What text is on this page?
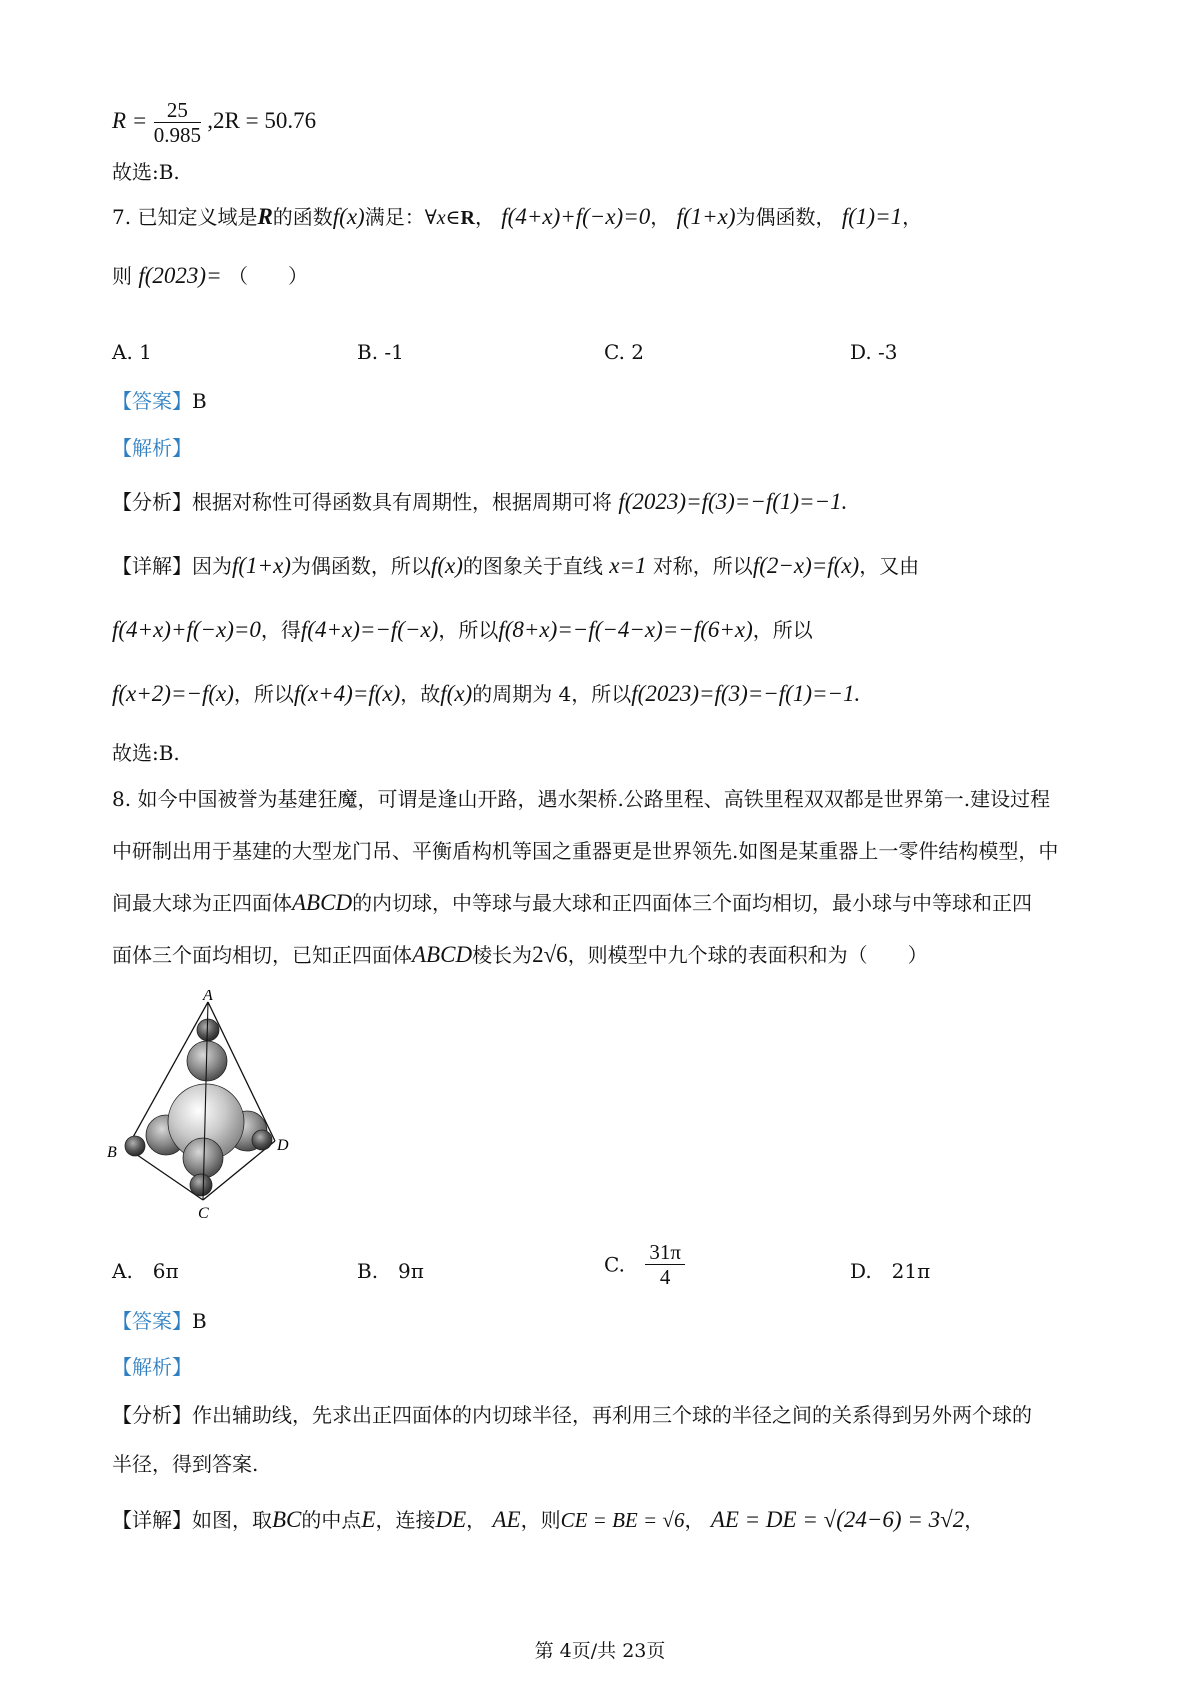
$R = \frac{25}{0.985} ,2R = 50.76$
故选:B.
7. 已知定义域是R的函数f(x)满足：∀x∈R， f(4+x)+f(−x)=0， f(1+x)为偶函数， f(1)=1，
则 f(2023)= （　　）
A. 1	B. -1	C. 2	D. -3
【答案】B
【解析】
【分析】根据对称性可得函数具有周期性，根据周期可将 f(2023)=f(3)=−f(1)=−1.
【详解】因为f(1+x)为偶函数，所以f(x)的图象关于直线 x=1 对称，所以f(2−x)=f(x)，又由
f(4+x)+f(−x)=0，得f(4+x)=−f(−x)，所以f(8+x)=−f(−4−x)=−f(6+x)，所以
f(x+2)=−f(x)，所以f(x+4)=f(x)，故f(x)的周期为 4，所以f(2023)=f(3)=−f(1)=−1.
故选:B.
8. 如今中国被誉为基建狂魔，可谓是逢山开路，遇水架桥.公路里程、高铁里程双双都是世界第一.建设过程
中研制出用于基建的大型龙门吊、平衡盾构机等国之重器更是世界领先.如图是某重器上一零件结构模型，中
间最大球为正四面体ABCD的内切球，中等球与最大球和正四面体三个面均相切，最小球与中等球和正四
面体三个面均相切，已知正四面体ABCD棱长为2√6，则模型中九个球的表面积和为（　　）
A
B
C
D
A.　6π	B.　9π	C. $\frac{31\pi}{4}$	D.　21π
【答案】B
【解析】
【分析】作出辅助线，先求出正四面体的内切球半径，再利用三个球的半径之间的关系得到另外两个球的
半径，得到答案.
【详解】如图，取BC的中点E，连接DE， AE，则CE = BE = √6， AE = DE = √(24−6) = 3√2，
第 4页/共 23页
